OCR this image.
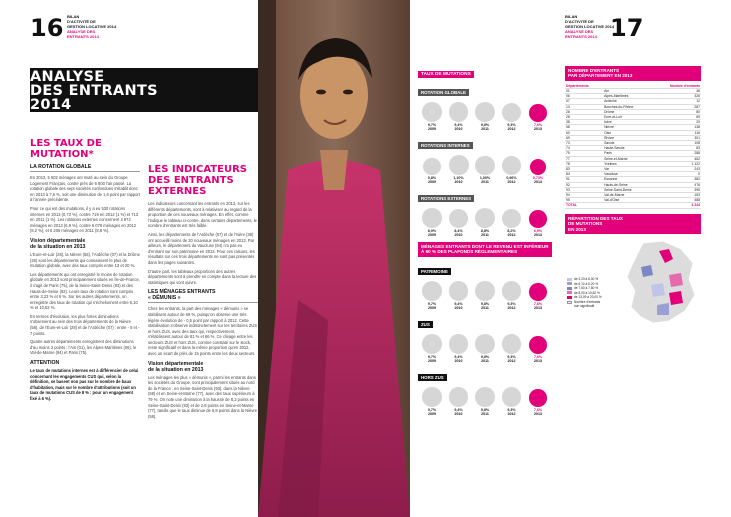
16 BILAN
D'ACTIVITÉ DE
GESTION LOCATIVE 2014
ANALYSE DES
ENTRANTS 2014	17
BILAN
D'ACTIVITÉ DE
GESTION LOCATIVE 2014
ANALYSE DES
ENTRANTS 2014
ANALYSE
DES ENTRANTS
2014
LES TAUX DE
MUTATION*
LA ROTATION GLOBALE

En 2013, 5 502 ménages ont muté au sein du Groupe Logement Français, contre près de 6 800 l'an passé. La rotation globale des sept sociétés confondues s'établit donc en 2013 à 7,6 %, soit une diminution de 1,6 point par rapport à l'année précédente.

Pour ce qui est des mutations, il y a eu 530 rotations internes en 2013 (0,73 %), contre 719 en 2012 (1 %) et 713 en 2011 (1 %). Les rotations externes concernent 4 972 ménages en 2013 (6,9 %), contre 6 079 ménages en 2012 (8,2 %), et 6 206 ménages en 2011 (8,8 %).

Vision départementale
de la situation en 2013

L'Eure-et-Loir (28), la Nièvre (58), l'Ardèche (07) et la Drôme (26) sont les départements qui connaissent le plus de mutation globale, avec des taux compris entre 13 et 20 %.

Les départements qui ont enregistré le moins de rotation globale en 2013 sont principalement situés en Île-de-France, il s'agit de Paris (75), de la Seine-Saint-Denis (93) et des Hauts-de-Seine (92). Leurs taux de rotation sont compris entre 3,23 % et 6 %. Sur les autres départements, on enregistre des taux de rotation qui s'échelonnent entre 6,10 % et 10,62 %.

En termes d'évolution, les plus fortes diminutions s'observent au sein des trois départements de la Nièvre (58), de l'Eure-et-Loir (28) et de l'Ardèche (07) : entre - 5 et - 7 points.

Quatre autres départements enregistrent des diminutions d'au moins 3 points : l'Ain (01), les Alpes-Maritimes (06), le Val-de-Marne (94) et Paris (75).

ATTENTION

Le taux de mutations internes est à différencier de celui concernant les engagements CUS qui, selon la définition, se basent non pas sur le nombre de baux d'habitation, mais sur le nombre d'attributions (soit un taux de mutations CUS de 8 % : pour un engagement fixé à 6 %).

LES INDICATEURS
DES ENTRANTS
EXTERNES

Les indicateurs concernant les entrants en 2013, sur les différents départements, sont à relativiser au regard de la proportion de ces nouveaux ménages. En effet, comme l'indique le tableau ci-contre, dans certains départements, le nombre d'entrants est très faible.

Ainsi, les départements de l'Ardèche (07) et de l'Isère (38) ont accueilli moins de 20 nouveaux ménages en 2013. Par ailleurs, le département du Vaucluse (84) n'a pas eu d'entrant sur son patrimoine en 2013. Pour ces raisons, les résultats sur ces trois départements ne sont pas présentés dans les pages suivantes.

D'autre part, les tableaux proportions des autres départements sont à prendre en compte dans la lecture des statistiques qui vont suivre.

LES MÉNAGES ENTRANTS
« DÉMUNIS »

Chez les entrants, la part des ménages « démunis » se stabilisent autour de 69 %, puisqu'on observe une très légère évolution de - 0,5 point par rapport à 2012. Cette stabilisation s'observe indistinctement sur les territoires ZUS et hors ZUS, avec des taux qui, respectivement, s'établissent autour de 81 % et 66 %. Ce clivage entre les secteurs ZUS et hors ZUS, comme constaté sur le stock, reste significatif et dans la même proportion qu'en 2012, avec un écart de près de 15 points entre les deux secteurs.

Vision départementale
de la situation en 2013

Les ménages les plus « démunis », parmi les entrants dans les sociétés du Groupe, sont principalement situés au nord de la France : en Seine-Saint-Denis (93), dans la Nièvre (58) et en Seine-et-Marne (77), avec des taux supérieurs à 79 %. On note une diminution à la hausse de 8,3 points en Seine-Saint-Denis (93) et de 2,8 points en Seine-et-Marne (77), tandis que le taux diminue de 6,8 points dans la Nièvre (58).

TAUX DE MUTATIONS
ROTATION GLOBALE
9,7%	9,4%	9,8%	9,3%	7,6%
2009	2010	2011	2012	2013
ROTATIONS INTERNES
0,8%	1,10%	1,00%	0,96%	0,73%
2009	2010	2011	2012	2013
ROTATIONS EXTERNES
8,9%	8,4%	8,8%	8,2%	6,9%
2009	2010	2011	2012	2013
MÉNAGES ENTRANTS DONT LE REVENU EST INFÉRIEUR À 60 % DES PLAFONDS RÉGLEMENTAIRES
PATRIMOINE
9,7%	9,4%	9,8%	9,3%	7,6%
2009	2010	2011	2012	2013
ZUS
9,7%	9,4%	9,8%	9,3%	7,6%
2009	2010	2011	2012	2013
HORS ZUS
9,7%	9,4%	9,8%	9,3%	7,6%
2009	2010	2011	2012	2013
NOMBRE D'ENTRANTS
PAR DÉPARTEMENT EN 2013
Départements		Nombre d'entrants
01	Ain	46
06	Alpes-Maritimes	326
07	Ardèche	12
13	Bouches-du-Rhône	287
26	Drôme	80
28	Eure-et-Loir	69
38	Isère	20
58	Nièvre	138
60	Oise	116
69	Rhône	301
73	Savoie	108
74	Haute-Savoie	83
75	Paris	288
77	Seine-et-Marne	452
78	Yvelines	1 122
83	Var	243
84	Vaucluse	0
91	Essonne	382
92	Hauts-de-Seine	476
93	Seine-Saint-Denis	395
94	Val-de-Marne	153
95	Val-d'Oise	488
TOTAL		4 244
RÉPARTITION DES TAUX
DE MUTATIONS
EN 2013
de 3,23 à 6,00 %
de 6,10 à 6,20 %
de 7,60 à 7,80 %
de 8,00 à 10,62 %
de 13,09 à 20,00 %
Nombre d'entrants
non significatif
